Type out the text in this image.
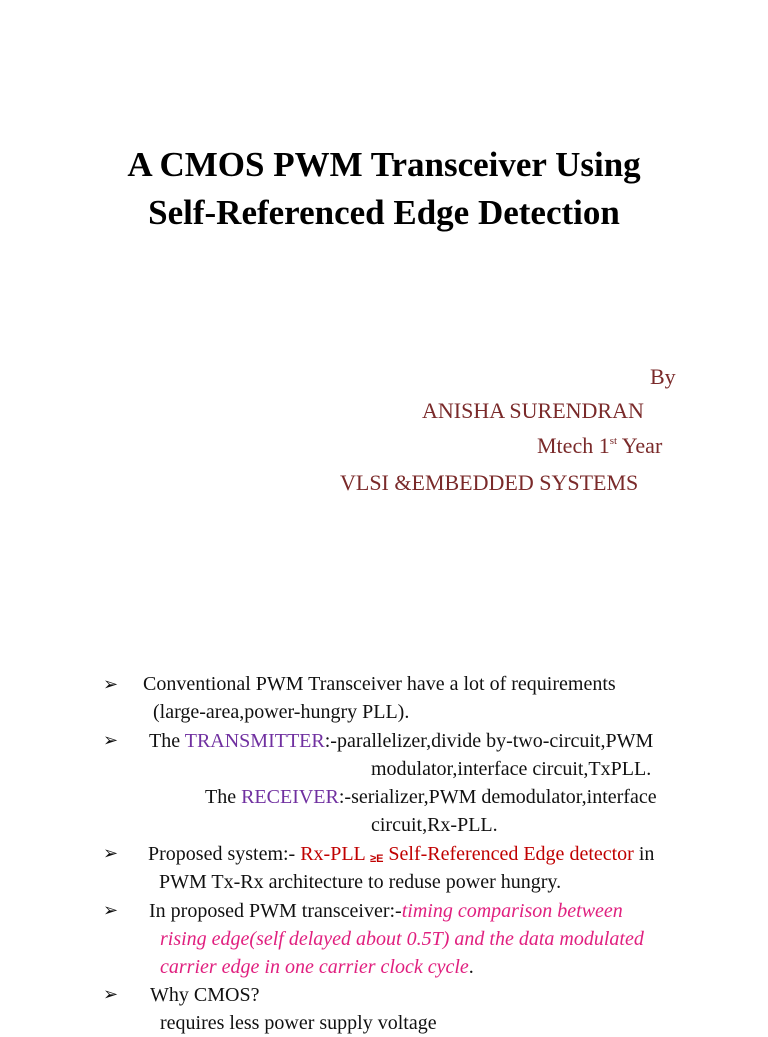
A CMOS PWM Transceiver Using
Self-Referenced Edge Detection
By
ANISHA SURENDRAN
Mtech 1st Year
VLSI &EMBEDDED SYSTEMS
➢ Conventional PWM Transceiver have a lot of requirements
(large-area,power-hungry PLL).
➢ The TRANSMITTER:-parallelizer,divide by-two-circuit,PWM
modulator,interface circuit,TxPLL.
The RECEIVER:-serializer,PWM demodulator,interface
circuit,Rx-PLL.
➢ Proposed system:- Rx-PLL ≥E Self-Referenced Edge detector in
PWM Tx-Rx architecture to reduse power hungry.
➢ In proposed PWM transceiver:-timing comparison between
rising edge(self delayed about 0.5T) and the data modulated
carrier edge in one carrier clock cycle.
➢ Why CMOS?
requires less power supply voltage
